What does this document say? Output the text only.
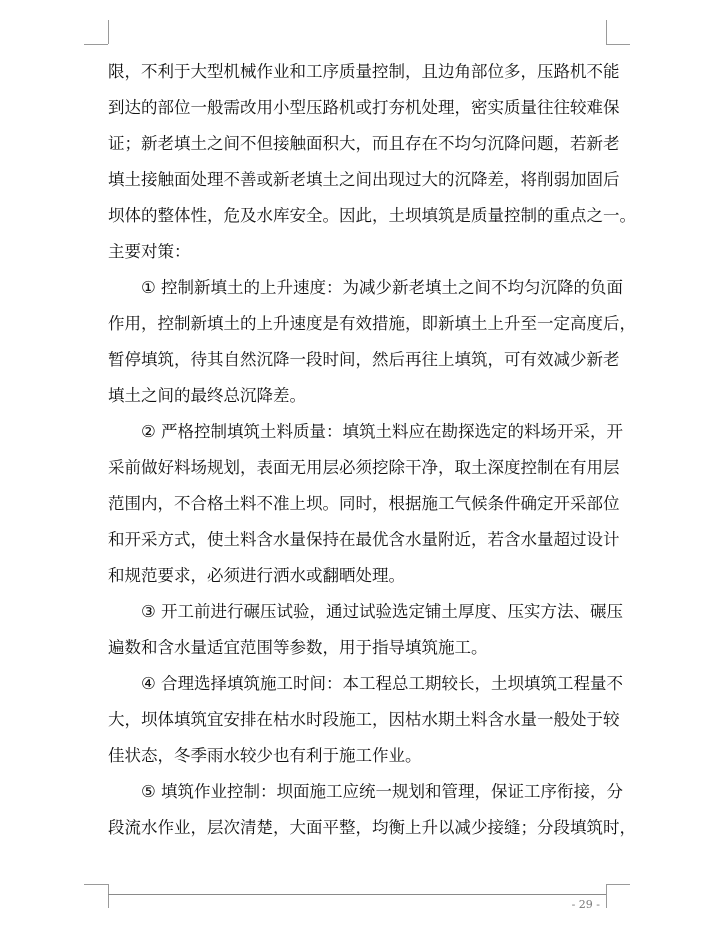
限，不利于大型机械作业和工序质量控制，且边角部位多，压路机不能
到达的部位一般需改用小型压路机或打夯机处理，密实质量往往较难保
证；新老填土之间不但接触面积大，而且存在不均匀沉降问题，若新老
填土接触面处理不善或新老填土之间出现过大的沉降差，将削弱加固后
坝体的整体性，危及水库安全。因此，土坝填筑是质量控制的重点之一。
主要对策：
① 控制新填土的上升速度：为减少新老填土之间不均匀沉降的负面
作用，控制新填土的上升速度是有效措施，即新填土上升至一定高度后，
暂停填筑，待其自然沉降一段时间，然后再往上填筑，可有效减少新老
填土之间的最终总沉降差。
② 严格控制填筑土料质量：填筑土料应在勘探选定的料场开采，开
采前做好料场规划，表面无用层必须挖除干净，取土深度控制在有用层
范围内，不合格土料不准上坝。同时，根据施工气候条件确定开采部位
和开采方式，使土料含水量保持在最优含水量附近，若含水量超过设计
和规范要求，必须进行洒水或翻晒处理。
③ 开工前进行碾压试验，通过试验选定铺土厚度、压实方法、碾压
遍数和含水量适宜范围等参数，用于指导填筑施工。
④ 合理选择填筑施工时间：本工程总工期较长，土坝填筑工程量不
大，坝体填筑宜安排在枯水时段施工，因枯水期土料含水量一般处于较
佳状态，冬季雨水较少也有利于施工作业。
⑤ 填筑作业控制：坝面施工应统一规划和管理，保证工序衔接，分
段流水作业，层次清楚，大面平整，均衡上升以减少接缝；分段填筑时，
- 29 -
